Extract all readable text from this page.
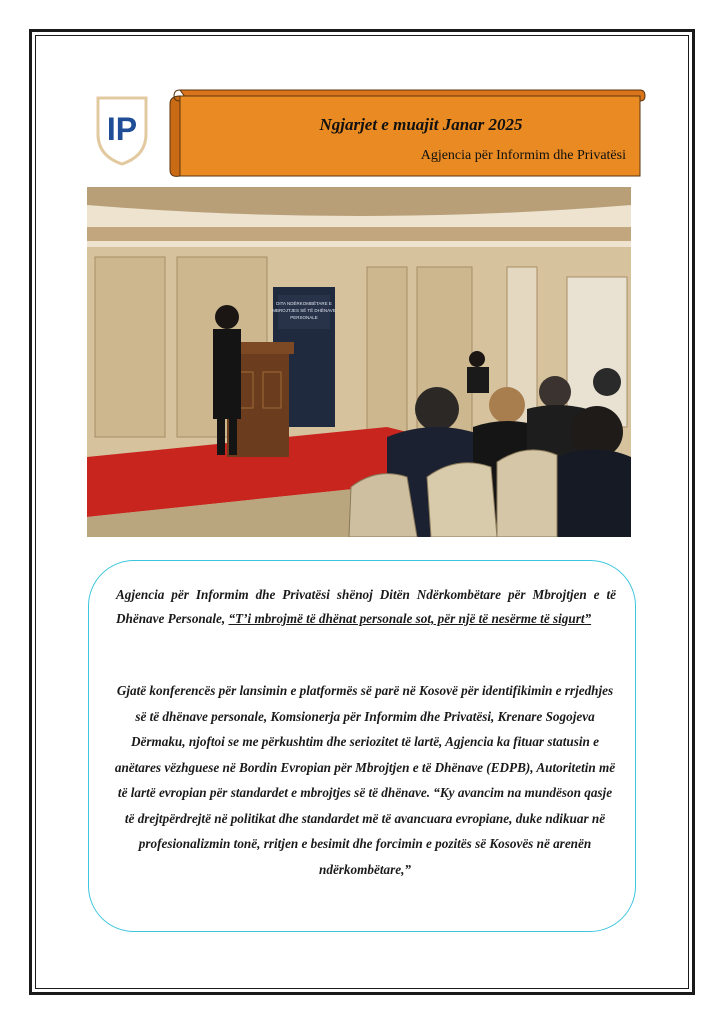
IP	Ngjarjet e muajit Janar 2025
Agjencia për Informim dhe Privatësi
DITA NDËRKOMBËTARE E
MBROJTJES SË TË DHËNAVE
PERSONALE
Agjencia për Informim dhe Privatësi shënoj Ditën Ndërkombëtare për Mbrojtjen e të Dhënave Personale, “T’i mbrojmë të dhënat personale sot, për një të nesërme të sigurt”
Gjatë konferencës për lansimin e platformës së parë në Kosovë për identifikimin e rrjedhjes së të dhënave personale, Komsionerja për Informim dhe Privatësi, Krenare Sogojeva Dërmaku, njoftoi se me përkushtim dhe seriozitet të lartë, Agjencia ka fituar statusin e anëtares vëzhguese në Bordin Evropian për Mbrojtjen e të Dhënave (EDPB), Autoritetin më të lartë evropian për standardet e mbrojtjes së të dhënave. “Ky avancim na mundëson qasje të drejtpërdrejtë në politikat dhe standardet më të avancuara evropiane, duke ndikuar në profesionalizmin tonë, rritjen e besimit dhe forcimin e pozitës së Kosovës në arenën ndërkombëtare,”
